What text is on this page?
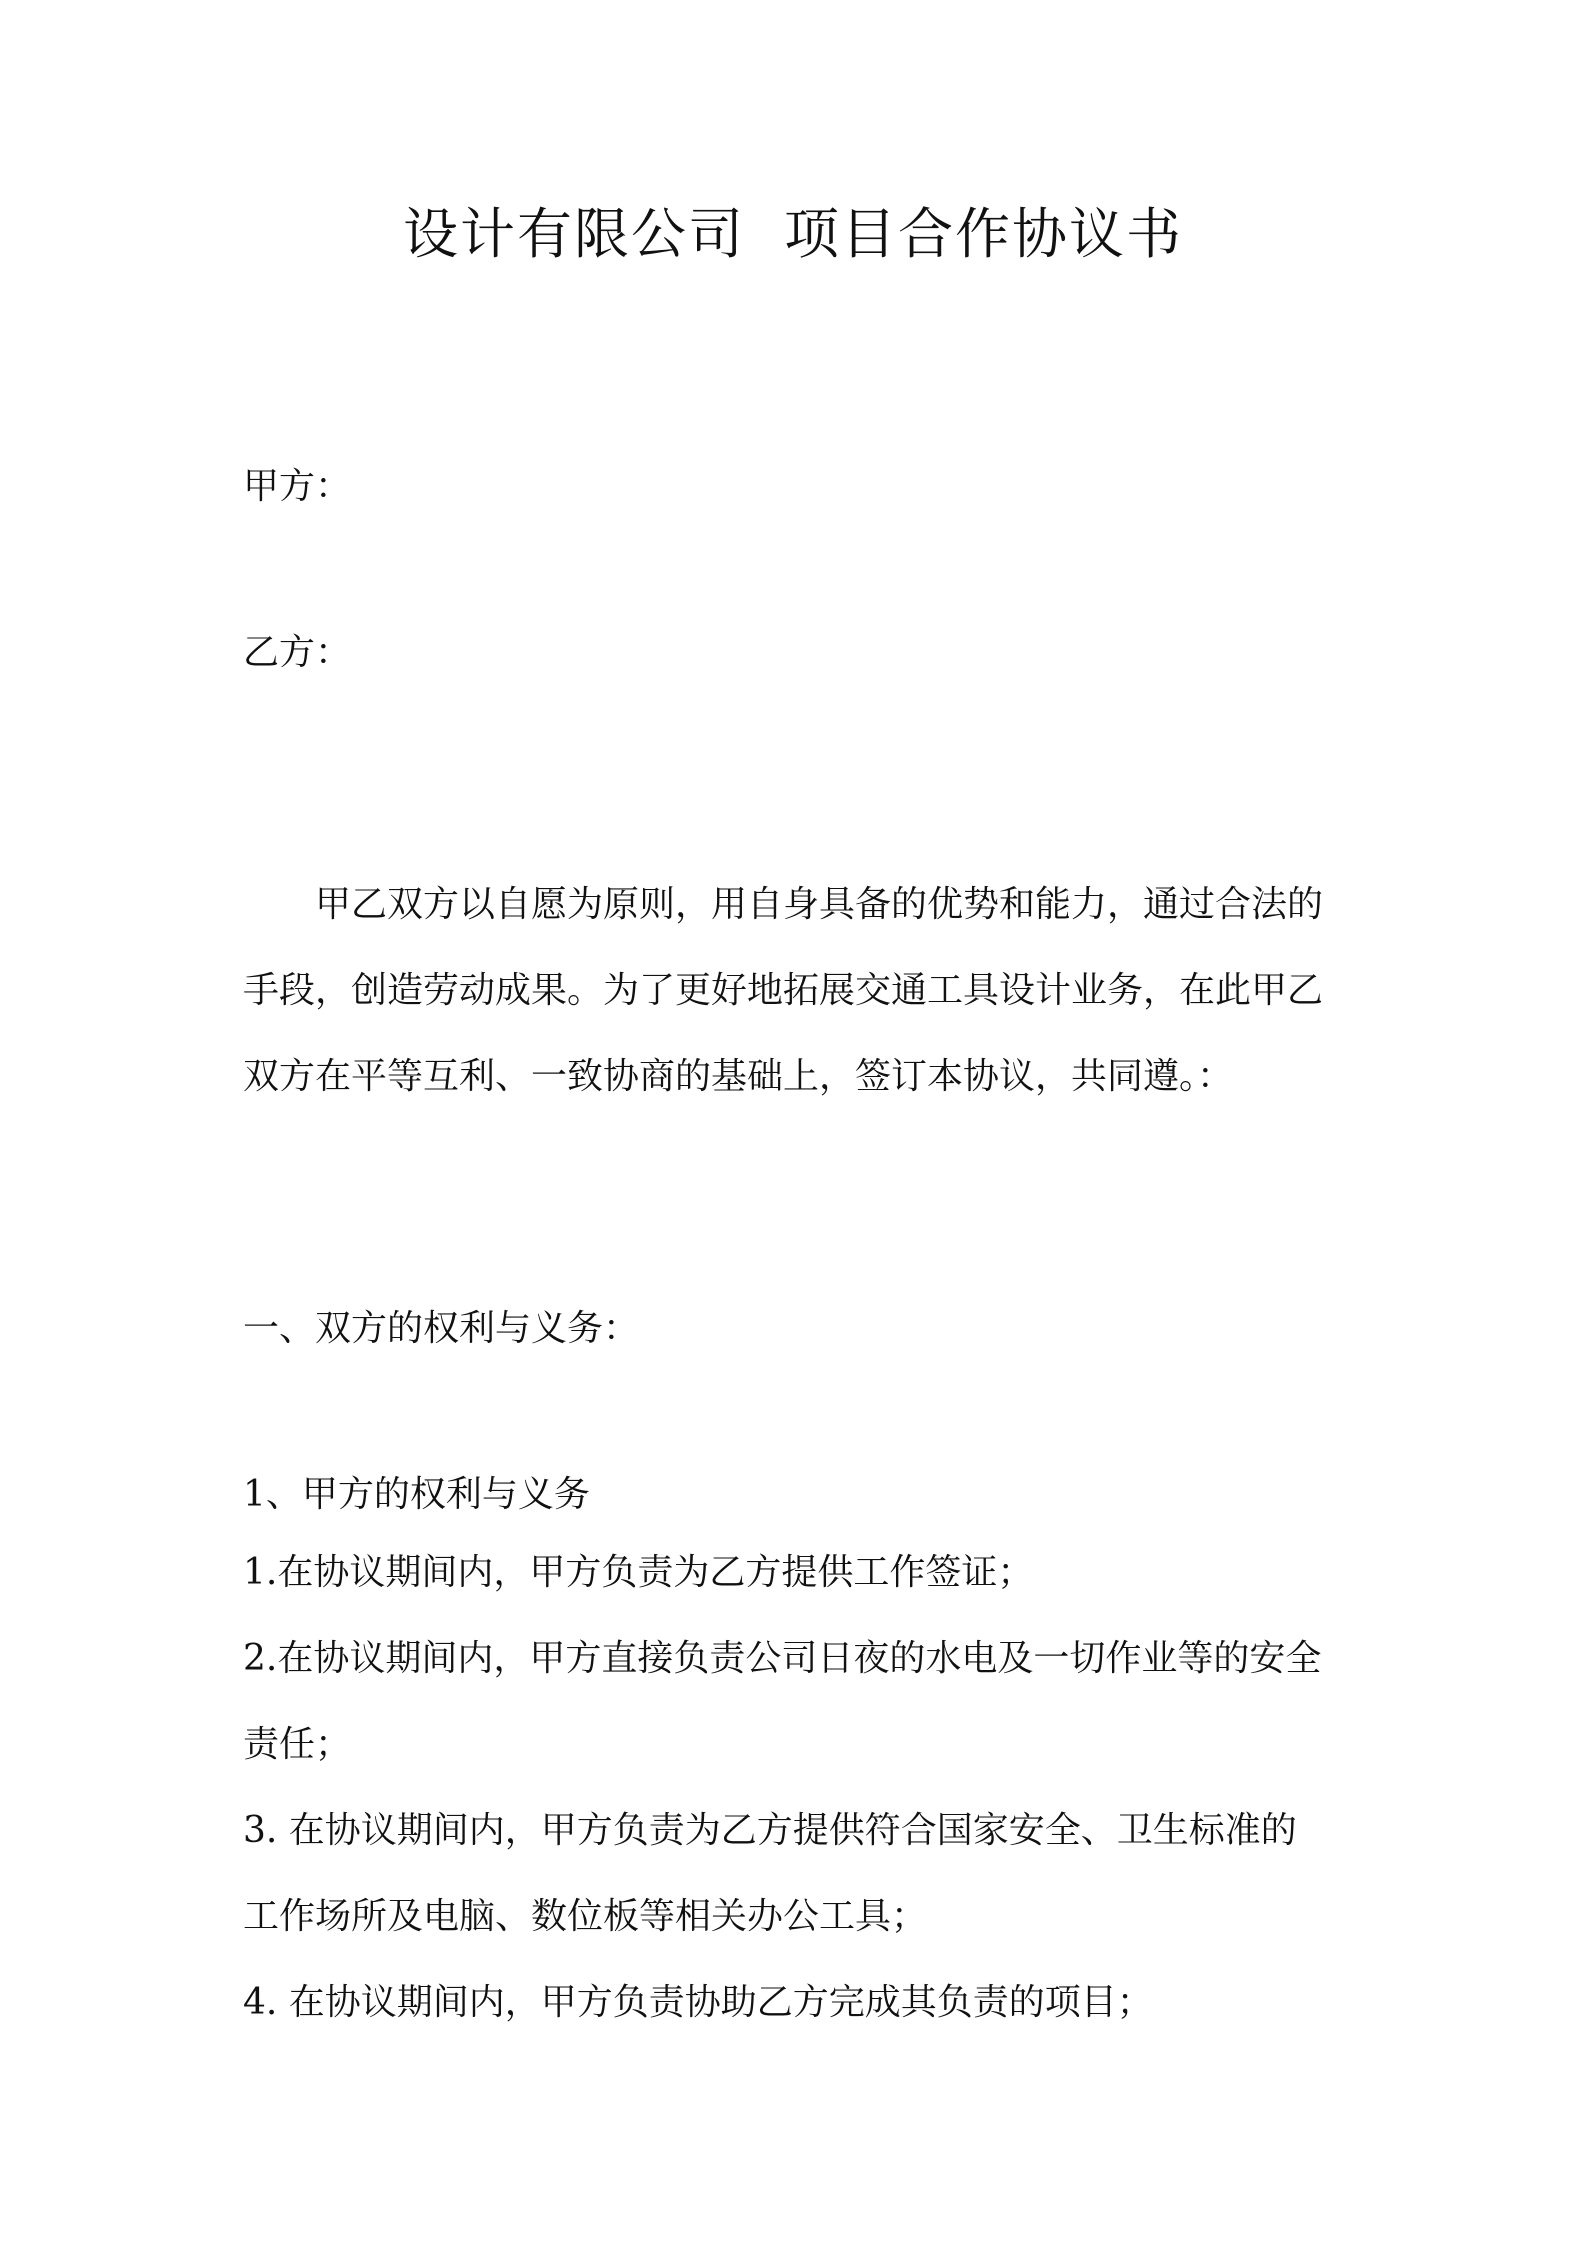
设计有限公司  项目合作协议书
甲方：
乙方：
甲乙双方以自愿为原则，用自身具备的优势和能力，通过合法的
手段，创造劳动成果。为了更好地拓展交通工具设计业务，在此甲乙
双方在平等互利、一致协商的基础上，签订本协议，共同遵。：
一、双方的权利与义务：
1、甲方的权利与义务
1.在协议期间内，甲方负责为乙方提供工作签证；
2.在协议期间内，甲方直接负责公司日夜的水电及一切作业等的安全
责任；
3. 在协议期间内，甲方负责为乙方提供符合国家安全、卫生标准的
工作场所及电脑、数位板等相关办公工具；
4. 在协议期间内，甲方负责协助乙方完成其负责的项目；
